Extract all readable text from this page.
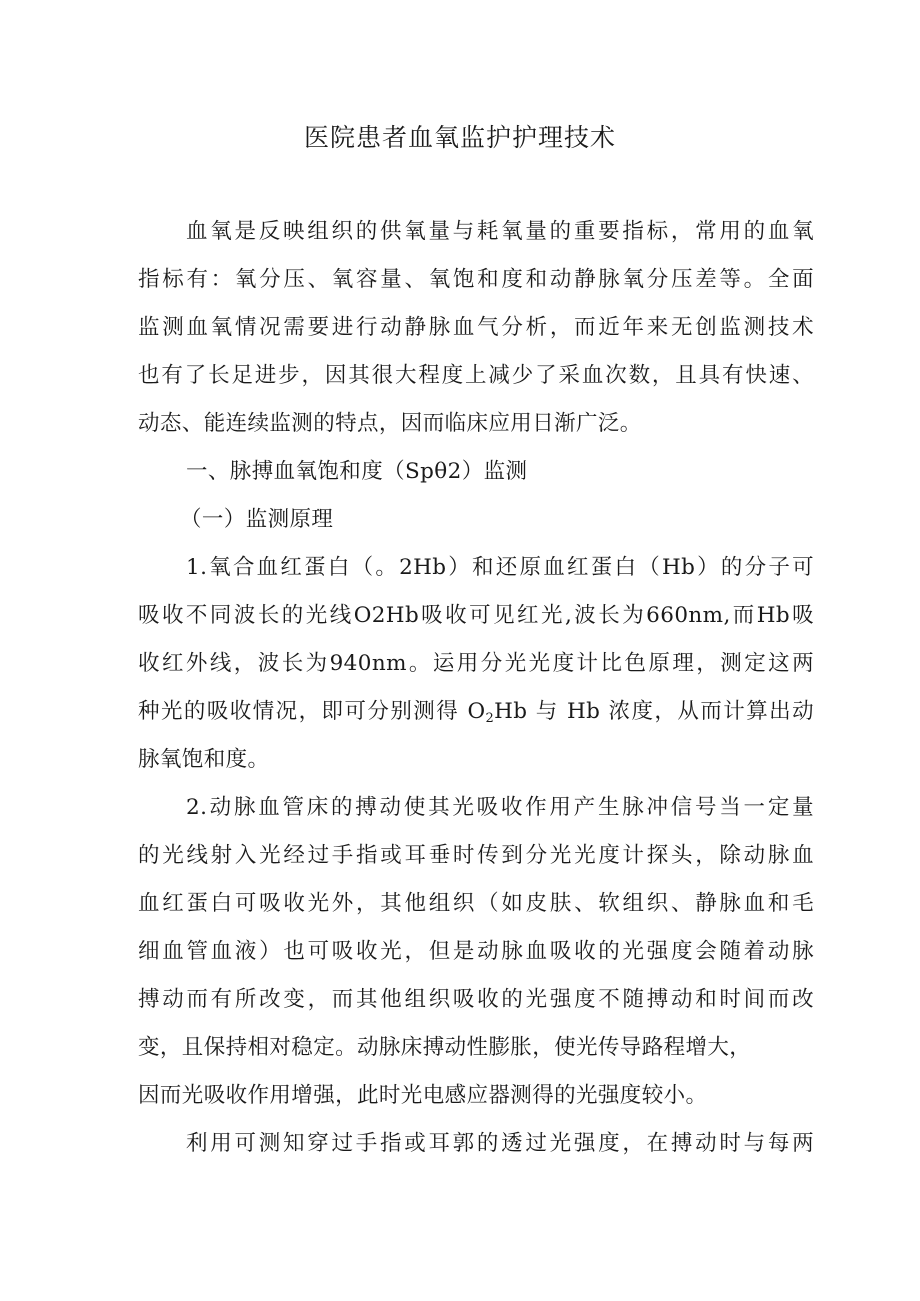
医院患者血氧监护护理技术
血氧是反映组织的供氧量与耗氧量的重要指标，常用的血氧
指标有：氧分压、氧容量、氧饱和度和动静脉氧分压差等。全面
监测血氧情况需要进行动静脉血气分析，而近年来无创监测技术
也有了长足进步，因其很大程度上减少了采血次数，且具有快速、
动态、能连续监测的特点，因而临床应用日渐广泛。
一、脉搏血氧饱和度（Spθ2）监测
（一）监测原理
1.氧合血红蛋白（。2Hb）和还原血红蛋白（Hb）的分子可
吸收不同波长的光线O2Hb吸收可见红光,波长为660nm,而Hb吸
收红外线，波长为940nm。运用分光光度计比色原理，测定这两
种光的吸收情况，即可分别测得 $O_2Hb$ 与 Hb 浓度，从而计算出动
脉氧饱和度。
2.动脉血管床的搏动使其光吸收作用产生脉冲信号当一定量
的光线射入光经过手指或耳垂时传到分光光度计探头，除动脉血
血红蛋白可吸收光外，其他组织（如皮肤、软组织、静脉血和毛
细血管血液）也可吸收光，但是动脉血吸收的光强度会随着动脉
搏动而有所改变，而其他组织吸收的光强度不随搏动和时间而改
变，且保持相对稳定。动脉床搏动性膨胀，使光传导路程增大，
因而光吸收作用增强，此时光电感应器测得的光强度较小。
利用可测知穿过手指或耳郭的透过光强度，在搏动时与每两
